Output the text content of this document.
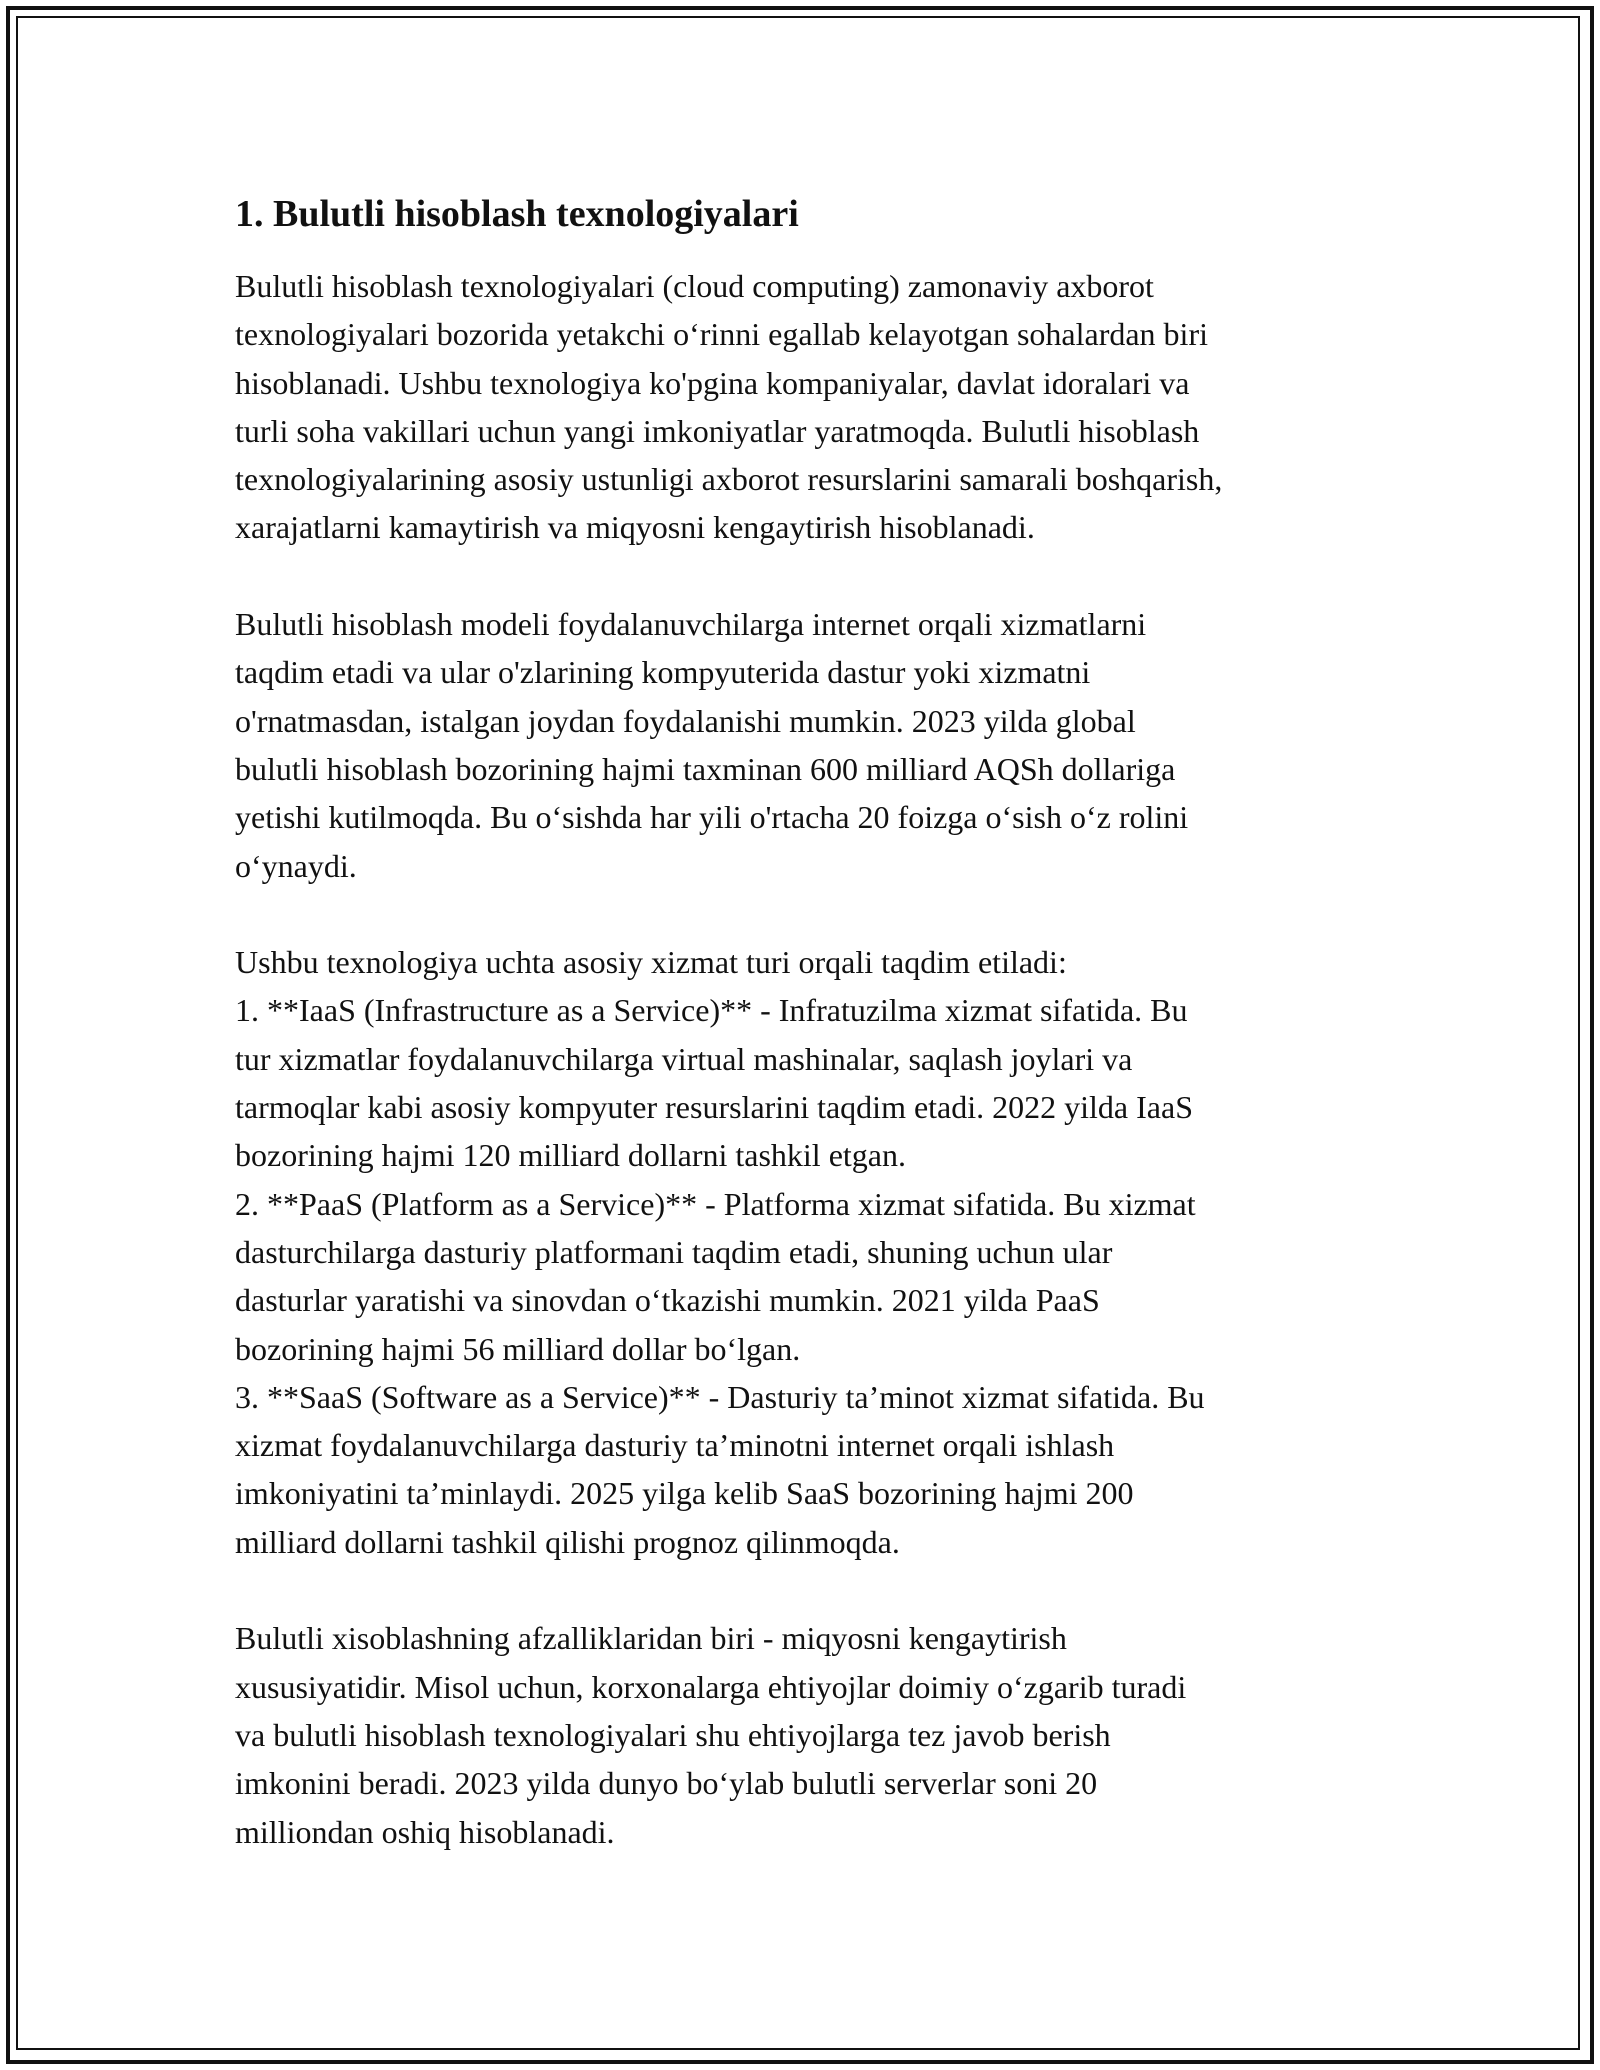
1. Bulutli hisoblash texnologiyalari

Bulutli hisoblash texnologiyalari (cloud computing) zamonaviy axborot
texnologiyalari bozorida yetakchi o‘rinni egallab kelayotgan sohalardan biri
hisoblanadi. Ushbu texnologiya ko'pgina kompaniyalar, davlat idoralari va
turli soha vakillari uchun yangi imkoniyatlar yaratmoqda. Bulutli hisoblash
texnologiyalarining asosiy ustunligi axborot resurslarini samarali boshqarish,
xarajatlarni kamaytirish va miqyosni kengaytirish hisoblanadi.

Bulutli hisoblash modeli foydalanuvchilarga internet orqali xizmatlarni
taqdim etadi va ular o'zlarining kompyuterida dastur yoki xizmatni
o'rnatmasdan, istalgan joydan foydalanishi mumkin. 2023 yilda global
bulutli hisoblash bozorining hajmi taxminan 600 milliard AQSh dollariga
yetishi kutilmoqda. Bu o‘sishda har yili o'rtacha 20 foizga o‘sish o‘z rolini
o‘ynaydi.

Ushbu texnologiya uchta asosiy xizmat turi orqali taqdim etiladi:
1. **IaaS (Infrastructure as a Service)** - Infratuzilma xizmat sifatida. Bu
tur xizmatlar foydalanuvchilarga virtual mashinalar, saqlash joylari va
tarmoqlar kabi asosiy kompyuter resurslarini taqdim etadi. 2022 yilda IaaS
bozorining hajmi 120 milliard dollarni tashkil etgan.
2. **PaaS (Platform as a Service)** - Platforma xizmat sifatida. Bu xizmat
dasturchilarga dasturiy platformani taqdim etadi, shuning uchun ular
dasturlar yaratishi va sinovdan o‘tkazishi mumkin. 2021 yilda PaaS
bozorining hajmi 56 milliard dollar bo‘lgan.
3. **SaaS (Software as a Service)** - Dasturiy ta’minot xizmat sifatida. Bu
xizmat foydalanuvchilarga dasturiy ta’minotni internet orqali ishlash
imkoniyatini ta’minlaydi. 2025 yilga kelib SaaS bozorining hajmi 200
milliard dollarni tashkil qilishi prognoz qilinmoqda.

Bulutli xisoblashning afzalliklaridan biri - miqyosni kengaytirish
xususiyatidir. Misol uchun, korxonalarga ehtiyojlar doimiy o‘zgarib turadi
va bulutli hisoblash texnologiyalari shu ehtiyojlarga tez javob berish
imkonini beradi. 2023 yilda dunyo bo‘ylab bulutli serverlar soni 20
milliondan oshiq hisoblanadi.
